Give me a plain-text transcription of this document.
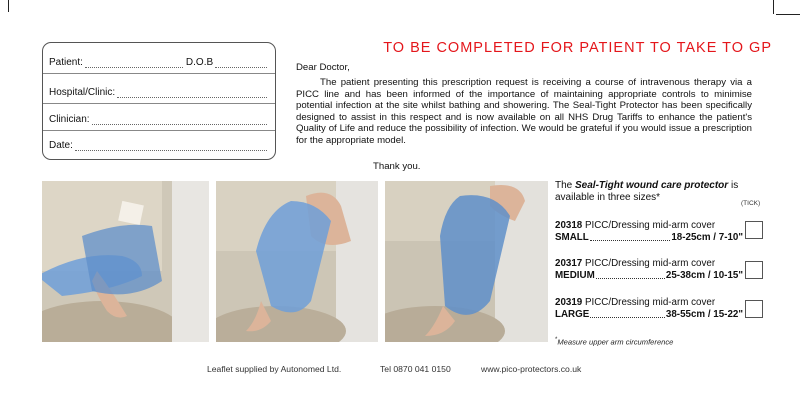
Patient:	D.O.B
Hospital/Clinic:
Clinician:
Date:
TO BE COMPLETED FOR PATIENT TO TAKE TO GP
Dear Doctor,

The patient presenting this prescription request is receiving a course of intravenous therapy via a PICC line and has been informed of the importance of maintaining appropriate controls to minimise potential infection at the site whilst bathing and showering. The Seal-Tight Protector has been specifically designed to assist in this respect and is now available on all NHS Drug Tariffs to enhance the patient's Quality of Life and reduce the possibility of infection. We would be grateful if you would issue a prescription for the appropriate model.

Thank you.
The Seal-Tight wound care protector is available in three sizes*
(TICK)
20318 PICC/Dressing mid-arm cover
SMALL	18-25cm / 7-10"
20317 PICC/Dressing mid-arm cover
MEDIUM	25-38cm / 10-15"
20319 PICC/Dressing mid-arm cover
LARGE	38-55cm / 15-22"
*Measure upper arm circumference
Leaflet supplied by Autonomed Ltd.	Tel 0870 041 0150	www.pico-protectors.co.uk
